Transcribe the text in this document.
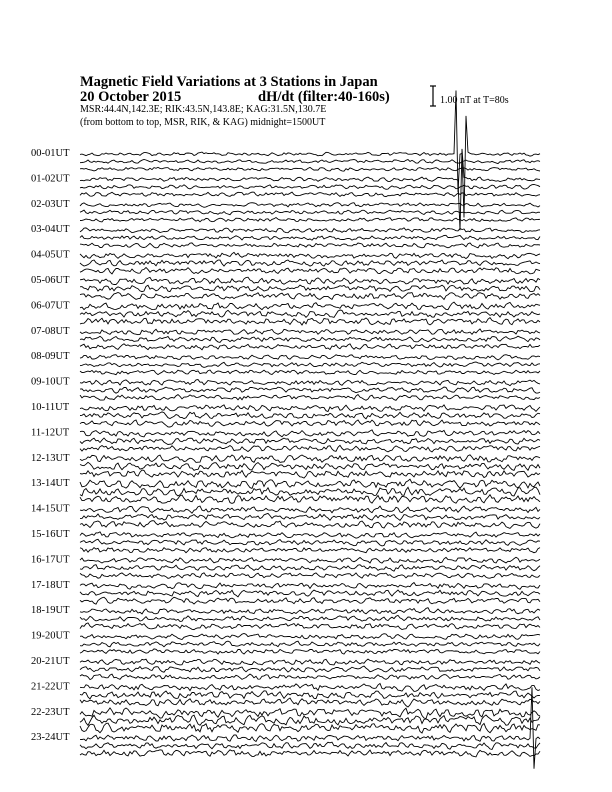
Magnetic Field Variations at 3 Stations in Japan
20 October 2015	dH/dt (filter:40-160s)
MSR:44.4N,142.3E; RIK:43.5N,143.8E; KAG:31.5N,130.7E
(from bottom to top, MSR, RIK, & KAG) midnight=1500UT
1.00 nT at T=80s
00-01UT
01-02UT
02-03UT
03-04UT
04-05UT
05-06UT
06-07UT
07-08UT
08-09UT
09-10UT
10-11UT
11-12UT
12-13UT
13-14UT
14-15UT
15-16UT
16-17UT
17-18UT
18-19UT
19-20UT
20-21UT
21-22UT
22-23UT
23-24UT
